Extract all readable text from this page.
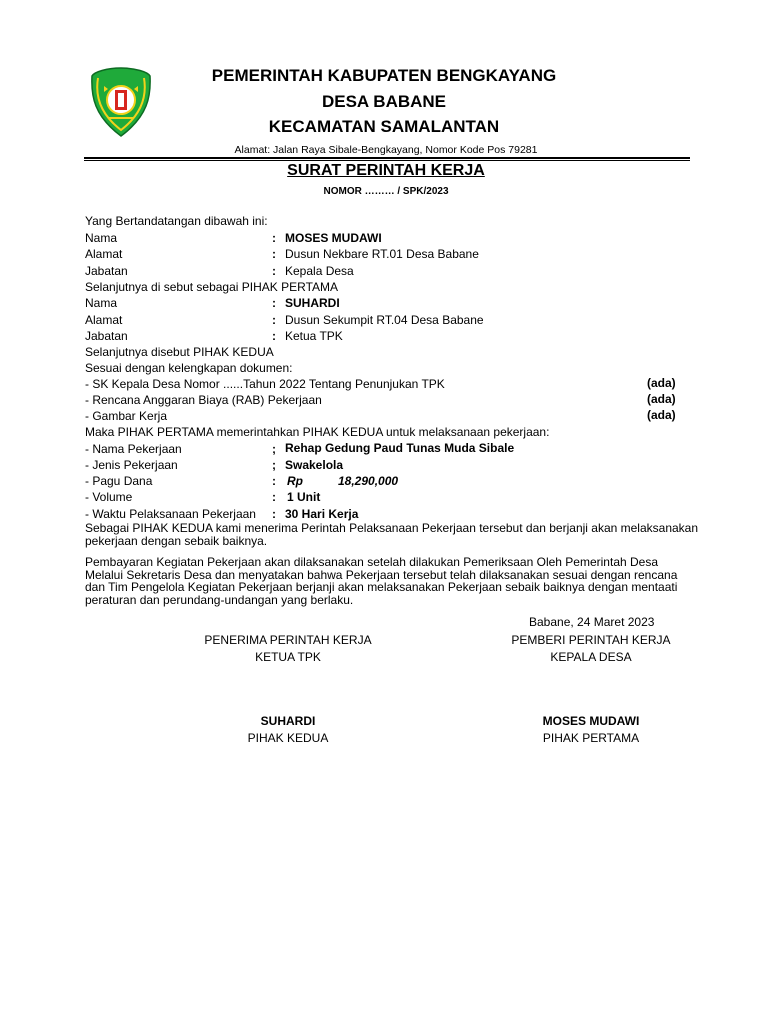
PEMERINTAH KABUPATEN BENGKAYANG
DESA BABANE
KECAMATAN SAMALANTAN
Alamat: Jalan Raya Sibale-Bengkayang, Nomor Kode Pos 79281
SURAT PERINTAH KERJA
NOMOR ……… / SPK/2023
Yang Bertandatangan dibawah ini:
Nama	: MOSES MUDAWI
Alamat	: Dusun Nekbare RT.01 Desa Babane
Jabatan	: Kepala Desa
Selanjutnya di sebut sebagai PIHAK PERTAMA
Nama	: SUHARDI
Alamat	: Dusun Sekumpit RT.04 Desa Babane
Jabatan	: Ketua TPK
Selanjutnya disebut PIHAK KEDUA
Sesuai dengan kelengkapan dokumen:
- SK Kepala Desa Nomor ......Tahun 2022 Tentang Penunjukan TPK	(ada)
- Rencana Anggaran Biaya (RAB) Pekerjaan	(ada)
- Gambar Kerja	(ada)
Maka PIHAK PERTAMA memerintahkan PIHAK KEDUA untuk melaksanaan pekerjaan:
- Nama Pekerjaan	; Rehap Gedung Paud Tunas Muda Sibale
- Jenis Pekerjaan	; Swakelola
- Pagu Dana	: Rp	18,290,000
- Volume	: 1 Unit
- Waktu Pelaksanaan Pekerjaan : 30 Hari Kerja
Sebagai PIHAK KEDUA kami menerima Perintah Pelaksanaan Pekerjaan tersebut dan berjanji akan melaksanakan
pekerjaan dengan sebaik baiknya.
Pembayaran Kegiatan Pekerjaan akan dilaksanakan setelah dilakukan Pemeriksaan Oleh Pemerintah Desa
Melalui Sekretaris Desa dan menyatakan bahwa Pekerjaan tersebut telah dilaksanakan sesuai dengan rencana
dan Tim Pengelola Kegiatan Pekerjaan berjanji akan melaksanakan Pekerjaan sebaik baiknya dengan mentaati
peraturan dan perundang-undangan yang berlaku.
Babane, 24 Maret 2023
PENERIMA PERINTAH KERJA
KETUA TPK
SUHARDI
PIHAK KEDUA
PEMBERI PERINTAH KERJA
KEPALA DESA
MOSES MUDAWI
PIHAK PERTAMA
